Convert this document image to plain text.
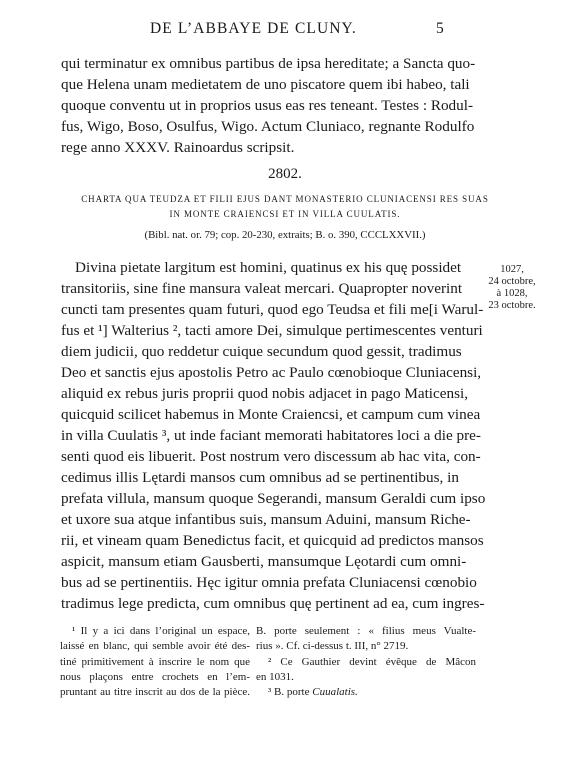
DE L’ABBAYE DE CLUNY.	5
qui terminatur ex omnibus partibus de ipsa hereditate; a Sancta quo-
que Helena unam medietatem de uno piscatore quem ibi habeo, tali
quoque conventu ut in proprios usus eas res teneant. Testes : Rodul-
fus, Wigo, Boso, Osulfus, Wigo. Actum Cluniaco, regnante Rodulfo
rege anno XXXV. Rainoardus scripsit.
2802.
CHARTA QUA TEUDZA ET FILII EJUS DANT MONASTERIO CLUNIACENSI RES SUAS
IN MONTE CRAIENCSI ET IN VILLA CUULATIS.
(Bibl. nat. or. 79; cop. 20-230, extraits; B. o. 390, CCCLXXVII.)
1027,
24 octobre,
à 1028,
23 octobre.
Divina pietate largitum est homini, quatinus ex his quę possidet
transitoriis, sine fine mansura valeat mercari. Quapropter noverint
cuncti tam presentes quam futuri, quod ego Teudsa et fili me[i Warul-
fus et ¹] Walterius ², tacti amore Dei, simulque pertimescentes venturi
diem judicii, quo reddetur cuique secundum quod gessit, tradimus
Deo et sanctis ejus apostolis Petro ac Paulo cœnobioque Cluniacensi,
aliquid ex rebus juris proprii quod nobis adjacet in pago Maticensi,
quicquid scilicet habemus in Monte Craiencsi, et campum cum vinea
in villa Cuulatis ³, ut inde faciant memorati habitatores loci a die pre-
senti quod eis libuerit. Post nostrum vero discessum ab hac vita, con-
cedimus illis Lętardi mansos cum omnibus ad se pertinentibus, in
prefata villula, mansum quoque Segerandi, mansum Geraldi cum ipso
et uxore sua atque infantibus suis, mansum Aduini, mansum Riche-
rii, et vineam quam Benedictus facit, et quicquid ad predictos mansos
aspicit, mansum etiam Gausberti, mansumque Lęotardi cum omni-
bus ad se pertinentiis. Hęc igitur omnia prefata Cluniacensi cœnobio
tradimus lege predicta, cum omnibus quę pertinent ad ea, cum ingres-
¹ Il y a ici dans l’original un espace,
laissé en blanc, qui semble avoir été des-
tiné primitivement à inscrire le nom que
nous plaçons entre crochets en l’em-
pruntant au titre inscrit au dos de la pièce.
B. porte seulement : « filius meus Vualte-
rius ». Cf. ci-dessus t. III, n° 2719.
² Ce Gauthier devint évêque de Mâcon
en 1031.
³ B. porte Cuualatis.
